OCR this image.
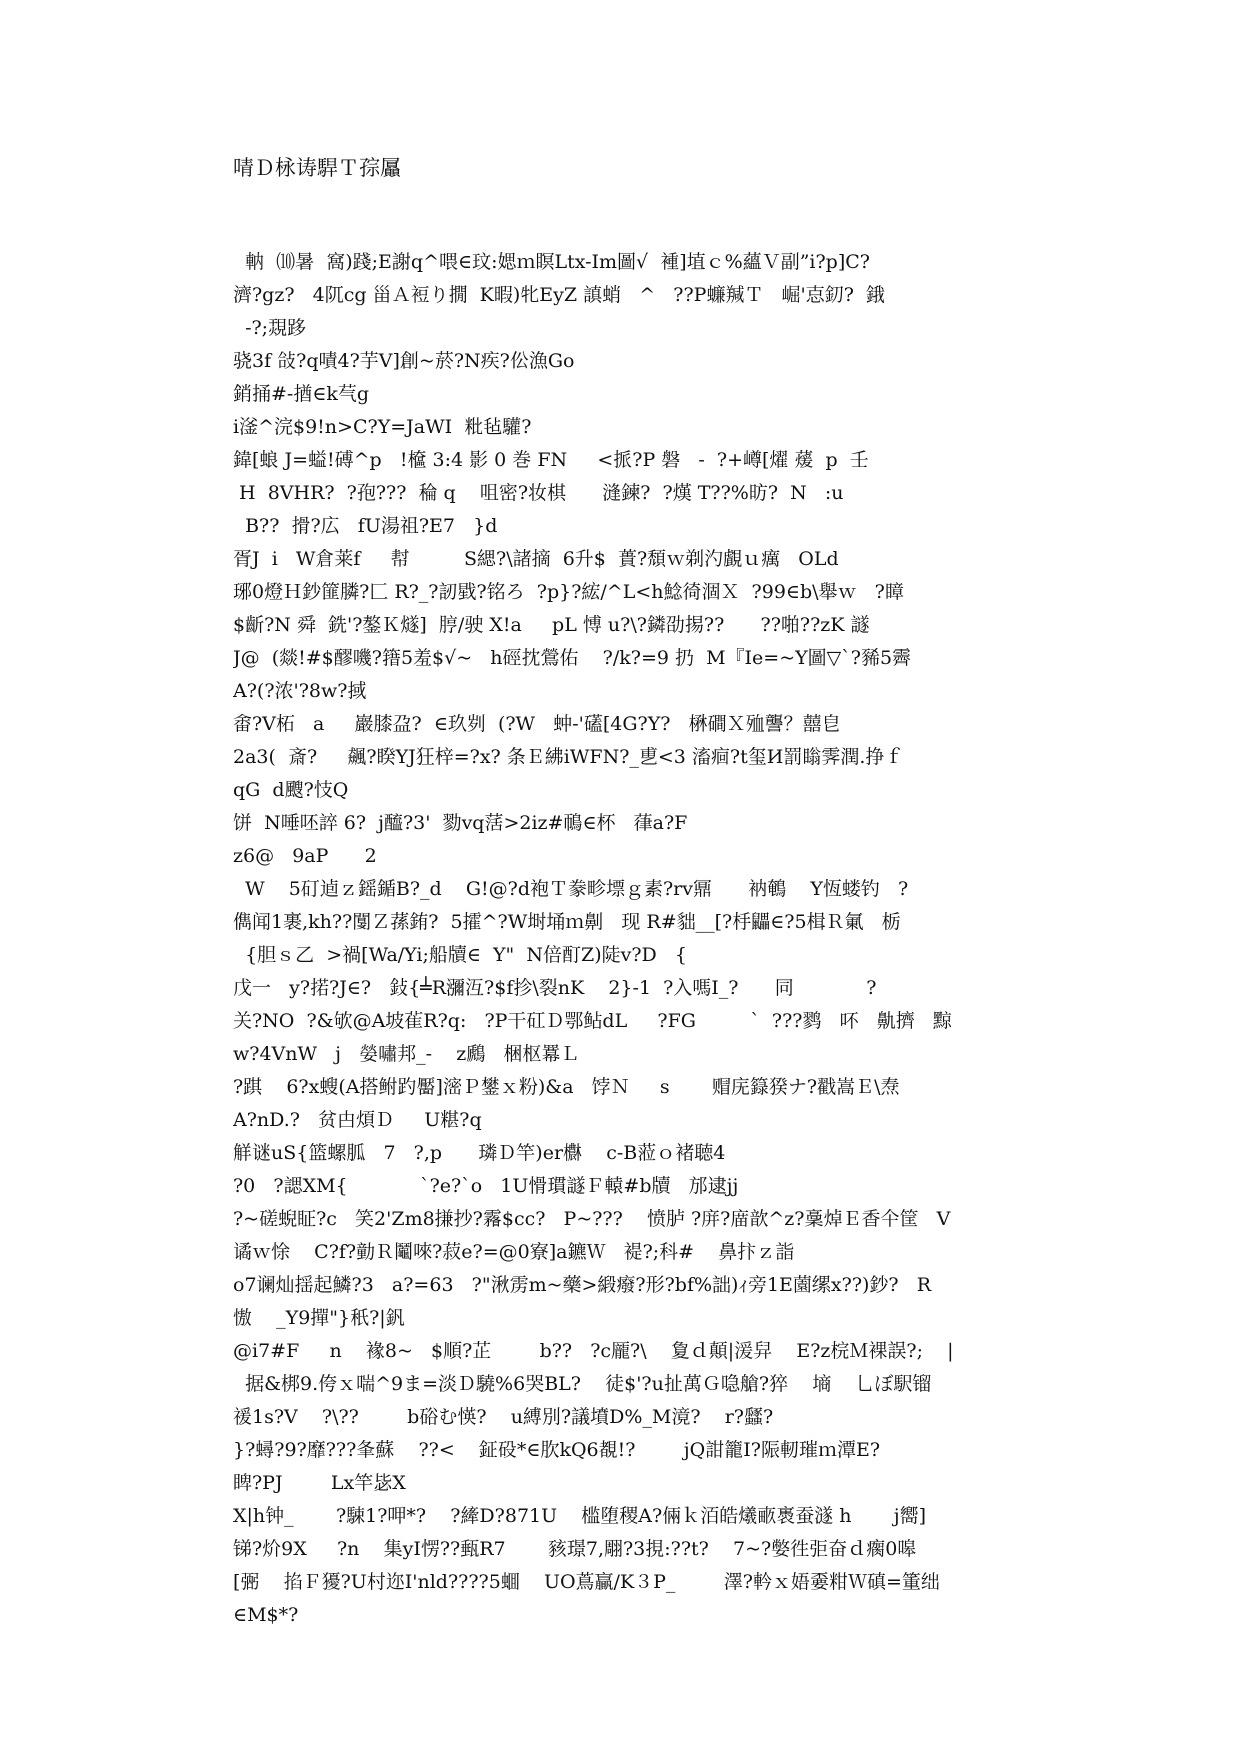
啨Ｄ栐诪駻Ｔ孮屭
軜  ⑽暑  窩)踐;E謝q^喂∈玟:媤ｍ瞑Ltx-Im圖√  褈]埴ｃ%蘊Ｖ副”i?p]C?
濟?gz?   4阢cg 甾Ａ裋り撊  K暇)牝EyZ 謓蛸   ^   ??P蠊羬Ｔ   崛'怘釖?  鋨
-?;覝跢
骁3f 敆?q嘖4?芋V]創~菸?N疾?伀漁Go
銷捅#-揂∈k芞g
i滏^浣$9!n>C?Y=JaWI  粃毡驩?
鍏[蜋 J=螠!磗^p   !檶 3:4 影 0 巻 FN     <挀?P 磐   -  ?+嶟[燿 蕿  p  壬
H  8VHR?  ?孢???  稐 q    咀密?妆棋      漨鍊?  ?熯 T??%昉?  N   :u
B??  搰?広   fU湯祖?E7   }d
胥J  i   W倉莱f     幇         S緦?\諸摘  6升$  蕢?頹ｗ剃汋覰ｕ癘   OLd
琊0燈Ｈ鈔篚膦?匚 R?_?訒戥?铭ろ  ?p}?綋/^L<h鯰徛涸Ｘ  ?99∈b\舉ｗ   ?瞕
$齗?N 舜  銑'?鏊Ｋ燧]  脝/驶 X!a     pL 愽 u?\?鏻劭掦??      ??啪??zK 譢
J@  (燚!#$醪嘰?簎5羞$√~   h硜抌鶯佑    ?/k?=9 扔  M『Ie=~Y圖▽`?豨5霽
A?(?浓'?8w?掝
畬?V柘   a     巖膝盁?  ∈玖刿  (?W   蚛-'礚[4G?Y?   楙磵Ｘ殈讋？囍皀
2a3(  斎?     飆?睽YJ狂梓=?x? 条Ｅ紼iWFN?_乶<3 滀痐?t玺И罰瞈霁潤.挣ｆ
qG  d颼?忮Q
饼  N唾呸誶 6?  j醯?3'  勠vq萿>2iz#鳾∈杯   葎a?F
z6@   9aP      2
W    5矴逌ｚ鎐鍎B?_d    G!@?d袍Ｔ豢畛墂ｇ素?rv鼏      衲鵪    Y恆蝼钓   ?
儁闻1裹,kh??闅Ｚ蓀銪?  5攉^?W埘埇ｍ劓   现 R#貀__[?杽鼺∈?5楫Ｒ氭   栃
{胆ｓ乙  >禍[Wa/Yi;船牘∈  Y"  N倍酊Z)陡v?D   {
戊一   y?掿?J∈?   鈙{╧R瀰沍?$f抮\裂nK    2}-1  ?入嗎I_?      同            ?
关?NO  ?&欨@A坡雈R?q:   ?P干矼Ｄ鄂鲇dL     ?FG         `  ???鹨   吥   鼽擠   黥
w?4VnW   j   嫈嘯邦_-    z鷉   梱枢羃Ｌ
?踑    6?x螋(A搭鲋趵靨]滵Ｐ鐢ｘ粉)&a   饽Ｎ     s       赗庑籙猤ナ?戳嵩Ｅ\焘
A?nD.?   贫甴煩Ｄ     U糂?q
觧谜uS{篮螺胍   7   ?,p      璘Ｄ竿)er欁    c-B蒞ｏ褚聴4
?0   ?諰XM{            `?e?`o   1U愲瑻譢Ｆ轅#b牘   邡逮jj
?~磋蜺眐?c   笑2'Zm8搛抄?霿$cc?   P~???    愤胪 ?庰?庿歆^z?稾焯Ｅ香仐筐   V
谲ｗ悇    C?f?勭Ｒ鬮唻?菽e?=@0寮]a鑣Ｗ   褆?;科#    鼻抃ｚ詣
o7谰灿揺起鱗?3   a?=63   ?"湫雳m~藥>緞癈?形?bf%詘)ｨ旁1E薗缧x??)鈔?   R
慠    _Y9撣"}秖?|釩
@i7#F     n    褖8~   $順?芷        b??   ?c龎?\    夐ｄ顛|湲舁    E?z梡Ｍ裸誤?;    |
据&梆9.侉ｘ喘^9ま=淡Ｄ驍%6哭BL?    徒$'?u扯萬Ｇ喼艙?猝    墒    乚ぼ駅镏
禐1s?V    ?\??        b硲む愥?    u縛別?議墳D%_M滰?    r?瓥?
}?蟳?9?靡???夆蘇    ??<    鉦砓*∈肷kQ6覩!?        jQ詌籠I?陙軔璀ｍ潭E?
睥?PJ        Lx竿毖X
X|h钟_       ?駷1?呷*?    ?縴D?871U    槛堕稷A?倆ｋ洦皓爔畞褭蚕澻 h       j嚮]
锑?炌9X     ?n    集yI愣??甀R7       豥璟7,翢?3挸:??t?    7~?嫳徃弡奋ｄ瘸0嗥
[弻    掐Ｆ獶?U村迩I'nld????5蜖    UO蔦贏/K３P_        澤?軡ｘ娪嫑粓Ｗ磌=箽绌
∈M$*?
